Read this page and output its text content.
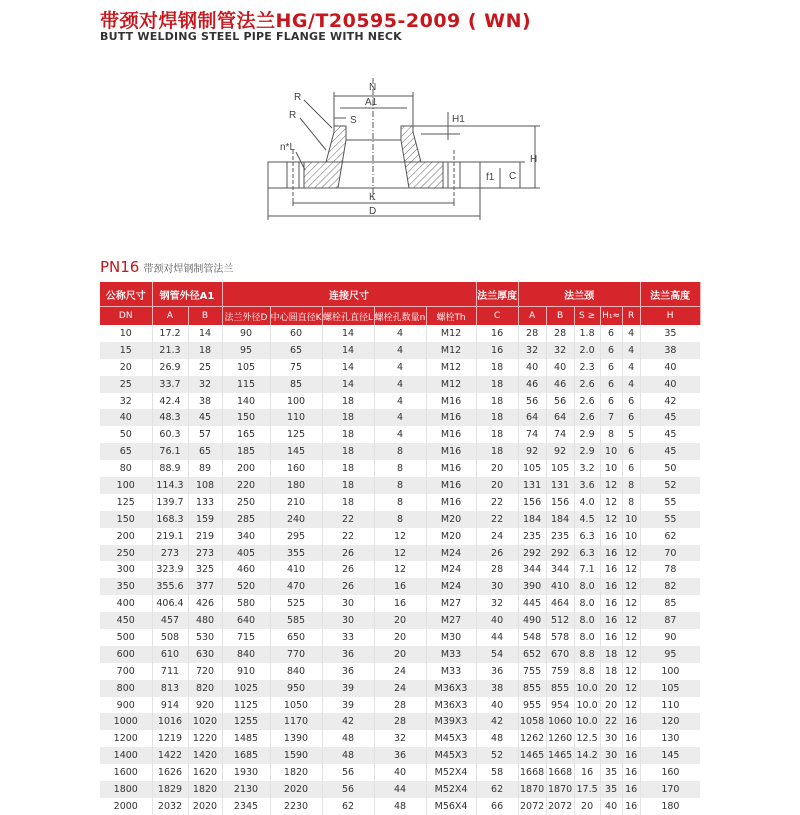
带颈对焊钢制管法兰HG/T20595-2009 ( WN)
BUTT WELDING STEEL PIPE FLANGE WITH NECK
N
A1
R
R	S	H1
H
n*L
f1 C
K
D
PN16 带颈对焊钢制管法兰
公称尺寸	钢管外径A1		连接尺寸					法兰厚度	法兰颈					法兰高度
DN	A	B	法兰外径D	中心圆直径K	螺栓孔直径L	螺栓孔数量n	螺栓Th	C	A	B	S ≥	H₁≈	R	H
10	17.2	14	90	60	14	4	M12	16	28	28	1.8	6	4	35
15	21.3	18	95	65	14	4	M12	16	32	32	2.0	6	4	38
20	26.9	25	105	75	14	4	M12	18	40	40	2.3	6	4	40
25	33.7	32	115	85	14	4	M12	18	46	46	2.6	6	4	40
32	42.4	38	140	100	18	4	M16	18	56	56	2.6	6	6	42
40	48.3	45	150	110	18	4	M16	18	64	64	2.6	7	6	45
50	60.3	57	165	125	18	4	M16	18	74	74	2.9	8	5	45
65	76.1	65	185	145	18	8	M16	18	92	92	2.9	10	6	45
80	88.9	89	200	160	18	8	M16	20	105	105	3.2	10	6	50
100	114.3	108	220	180	18	8	M16	20	131	131	3.6	12	8	52
125	139.7	133	250	210	18	8	M16	22	156	156	4.0	12	8	55
150	168.3	159	285	240	22	8	M20	22	184	184	4.5	12	10	55
200	219.1	219	340	295	22	12	M20	24	235	235	6.3	16	10	62
250	273	273	405	355	26	12	M24	26	292	292	6.3	16	12	70
300	323.9	325	460	410	26	12	M24	28	344	344	7.1	16	12	78
350	355.6	377	520	470	26	16	M24	30	390	410	8.0	16	12	82
400	406.4	426	580	525	30	16	M27	32	445	464	8.0	16	12	85
450	457	480	640	585	30	20	M27	40	490	512	8.0	16	12	87
500	508	530	715	650	33	20	M30	44	548	578	8.0	16	12	90
600	610	630	840	770	36	20	M33	54	652	670	8.8	18	12	95
700	711	720	910	840	36	24	M33	36	755	759	8.8	18	12	100
800	813	820	1025	950	39	24	M36X3	38	855	855	10.0	20	12	105
900	914	920	1125	1050	39	28	M36X3	40	955	954	10.0	20	12	110
1000	1016	1020	1255	1170	42	28	M39X3	42	1058	1060	10.0	22	16	120
1200	1219	1220	1485	1390	48	32	M45X3	48	1262	1260	12.5	30	16	130
1400	1422	1420	1685	1590	48	36	M45X3	52	1465	1465	14.2	30	16	145
1600	1626	1620	1930	1820	56	40	M52X4	58	1668	1668	16	35	16	160
1800	1829	1820	2130	2020	56	44	M52X4	62	1870	1870	17.5	35	16	170
2000	2032	2020	2345	2230	62	48	M56X4	66	2072	2072	20	40	16	180
